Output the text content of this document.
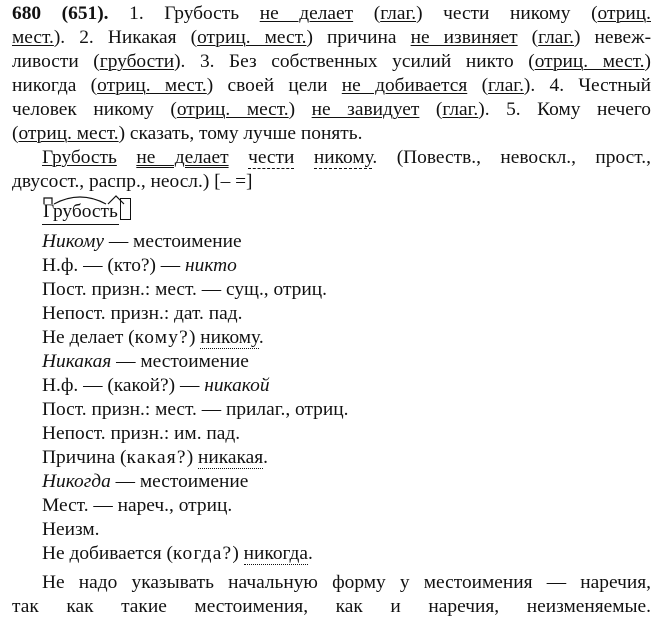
680 (651). 1. Грубость не делает (глаг.) чести никому (отриц.
мест.). 2. Никакая (отриц. мест.) причина не извиняет (глаг.) невеж-
ливости (грубости). 3. Без собственных усилий никто (отриц. мест.)
никогда (отриц. мест.) своей цели не добивается (глаг.). 4. Честный
человек никому (отриц. мест.) не завидует (глаг.). 5. Кому нечего
(отриц. мест.) сказать, тому лучше понять.
Грубость не делает чести никому. (Повеств., невоскл., прост.,
двусост., распр., неосл.) [– =]
Грубость
Никому — местоимение
Н.ф. — (кто?) — никто
Пост. призн.: мест. — сущ., отриц.
Непост. призн.: дат. пад.
Не делает (кому?) никому.
Никакая — местоимение
Н.ф. — (какой?) — никакой
Пост. призн.: мест. — прилаг., отриц.
Непост. призн.: им. пад.
Причина (какая?) никакая.
Никогда — местоимение
Мест. — нареч., отриц.
Неизм.
Не добивается (когда?) никогда.
Не надо указывать начальную форму у местоимения — наречия,
так как такие местоимения, как и наречия, неизменяемые.
